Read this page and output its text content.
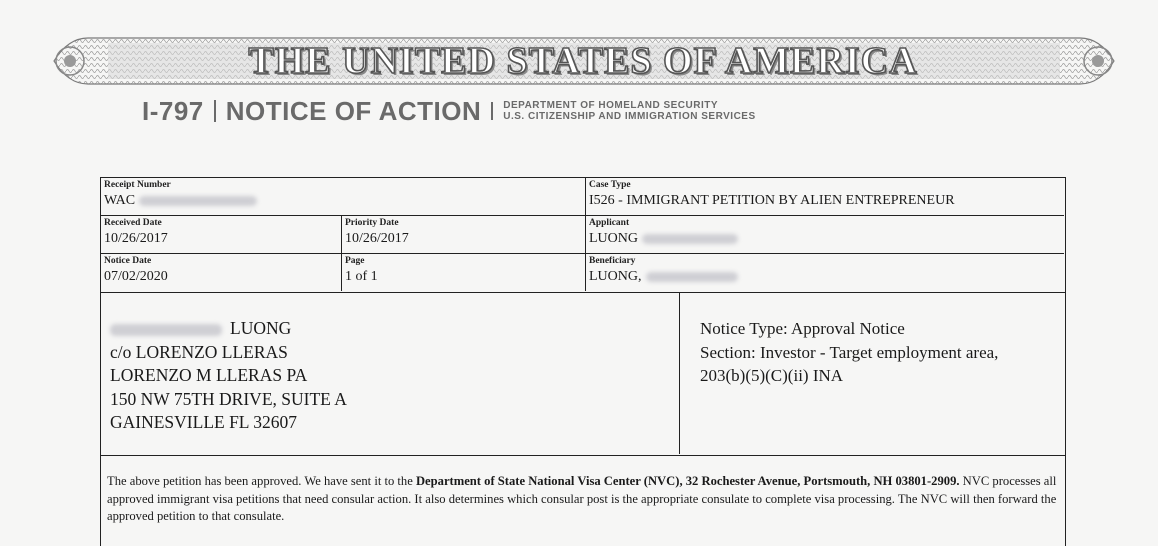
THE UNITED STATES OF AMERICA
I-797 NOTICE OF ACTION DEPARTMENT OF HOMELAND SECURITY
U.S. CITIZENSHIP AND IMMIGRATION SERVICES
Receipt Number
WAC
Case Type
I526 - IMMIGRANT PETITION BY ALIEN ENTREPRENEUR
Received Date
10/26/2017
Priority Date
10/26/2017
Applicant
LUONG
Notice Date
07/02/2020
Page
1 of 1
Beneficiary
LUONG,
LUONG
c/o LORENZO LLERAS
LORENZO M LLERAS PA
150 NW 75TH DRIVE, SUITE A
GAINESVILLE FL 32607
Notice Type: Approval Notice
Section: Investor - Target employment area,
203(b)(5)(C)(ii) INA
The above petition has been approved. We have sent it to the Department of State National Visa Center (NVC), 32 Rochester Avenue, Portsmouth, NH 03801-2909. NVC processes all approved immigrant visa petitions that need consular action. It also determines which consular post is the appropriate consulate to complete visa processing. The NVC will then forward the approved petition to that consulate.
